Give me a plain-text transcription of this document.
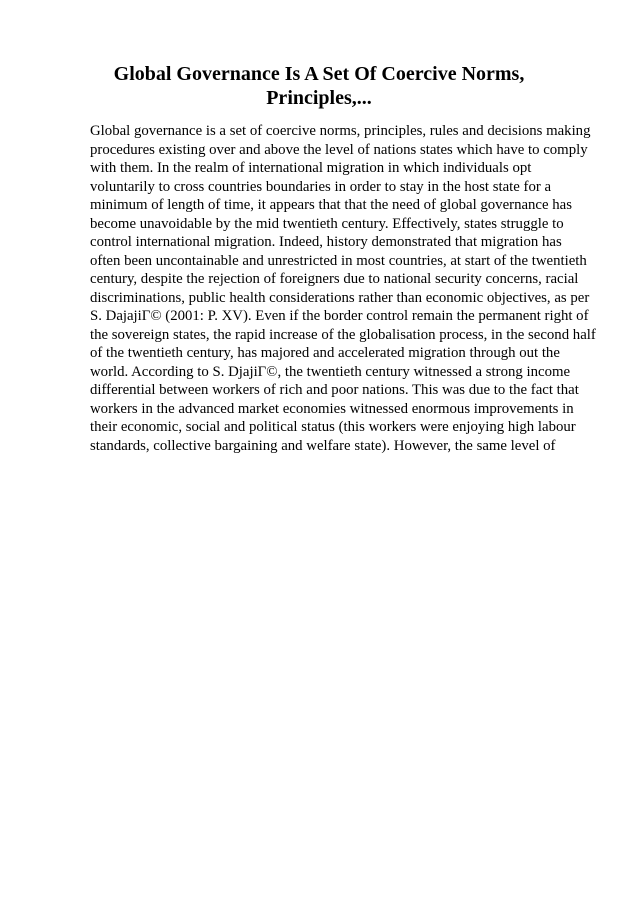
Global Governance Is A Set Of Coercive Norms,
Principles,...
Global governance is a set of coercive norms, principles, rules and decisions making
procedures existing over and above the level of nations states which have to comply
with them. In the realm of international migration in which individuals opt
voluntarily to cross countries boundaries in order to stay in the host state for a
minimum of length of time, it appears that that the need of global governance has
become unavoidable by the mid twentieth century. Effectively, states struggle to
control international migration. Indeed, history demonstrated that migration has
often been uncontainable and unrestricted in most countries, at start of the twentieth
century, despite the rejection of foreigners due to national security concerns, racial
discriminations, public health considerations rather than economic objectives, as per
S. DajajiΓ© (2001: P. XV). Even if the border control remain the permanent right of
the sovereign states, the rapid increase of the globalisation process, in the second half
of the twentieth century, has majored and accelerated migration through out the
world. According to S. DjajiΓ©, the twentieth century witnessed a strong income
differential between workers of rich and poor nations. This was due to the fact that
workers in the advanced market economies witnessed enormous improvements in
their economic, social and political status (this workers were enjoying high labour
standards, collective bargaining and welfare state). However, the same level of
